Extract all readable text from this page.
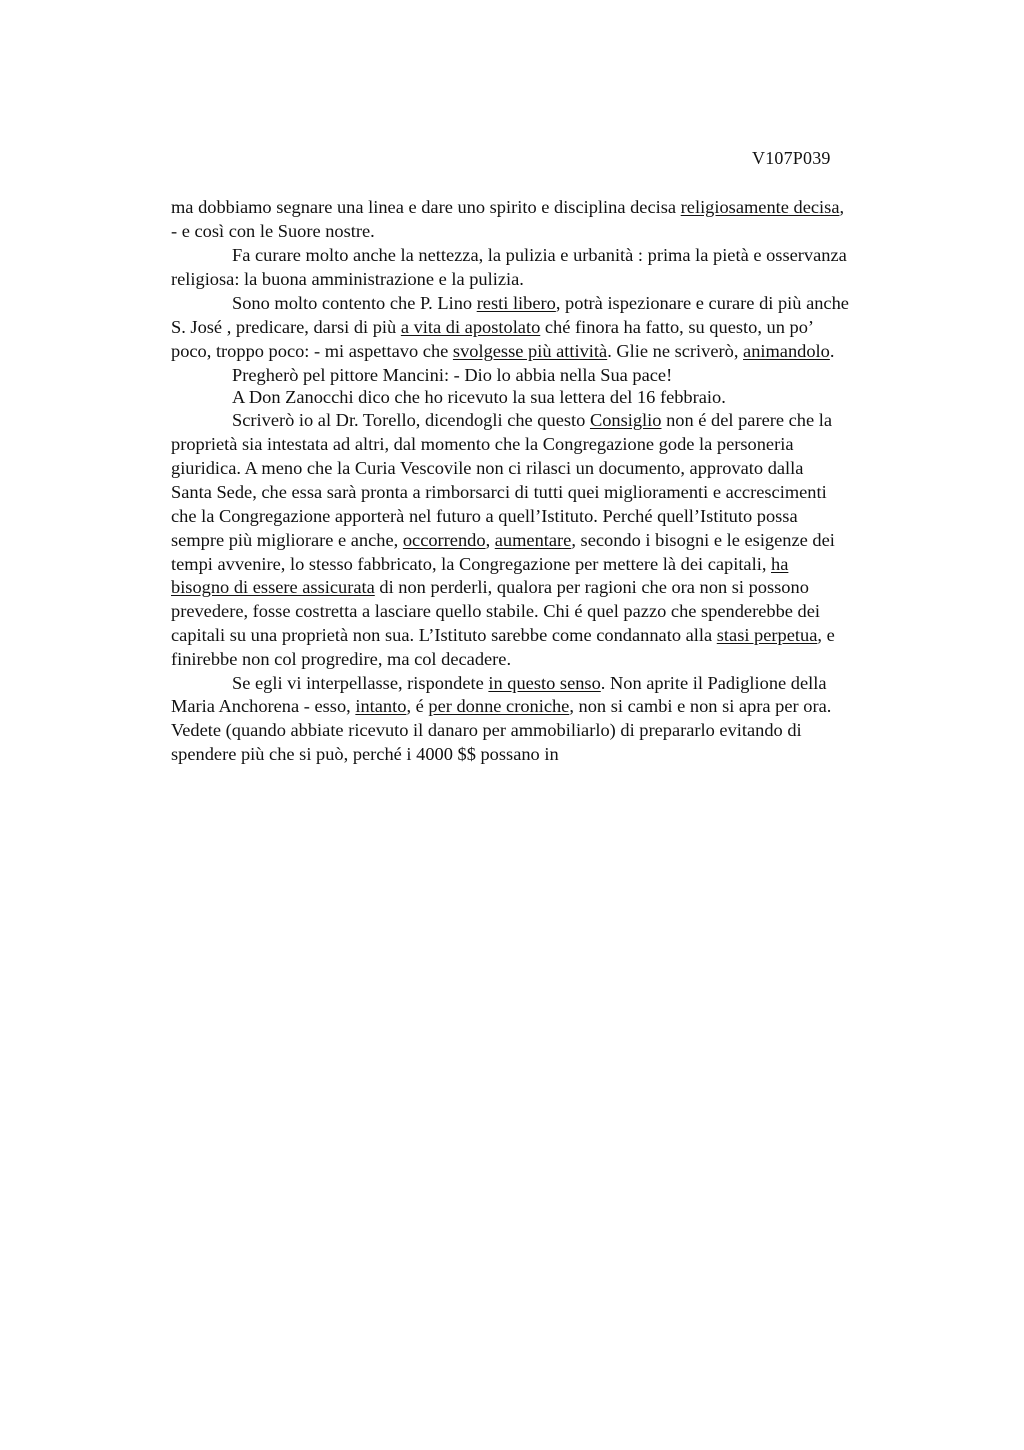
V107P039
ma dobbiamo segnare una linea e dare uno spirito e disciplina decisa religiosamente decisa,
- e così con le Suore nostre.
Fa curare molto anche la nettezza, la pulizia e urbanità : prima la pietà e osservanza
religiosa: la buona amministrazione e la pulizia.
Sono molto contento che P. Lino resti libero, potrà ispezionare e curare di più anche
S. José , predicare, darsi di più a vita di apostolato ché finora ha fatto, su questo, un po’
poco, troppo poco: - mi aspettavo che svolgesse più attività. Glie ne scriverò, animandolo.
Pregherò pel pittore Mancini: - Dio lo abbia nella Sua pace!
A Don Zanocchi dico che ho ricevuto la sua lettera del 16 febbraio.
Scriverò io al Dr. Torello, dicendogli che questo Consiglio non é del parere che la
proprietà sia intestata ad altri, dal momento che la Congregazione gode la personeria
giuridica. A meno che la Curia Vescovile non ci rilasci un documento, approvato dalla
Santa Sede, che essa sarà pronta a rimborsarci di tutti quei miglioramenti e accrescimenti
che la Congregazione apporterà nel futuro a quell’Istituto. Perché quell’Istituto possa
sempre più migliorare e anche, occorrendo, aumentare, secondo i bisogni e le esigenze dei
tempi avvenire, lo stesso fabbricato, la Congregazione per mettere là dei capitali, ha
bisogno di essere assicurata di non perderli, qualora per ragioni che ora non si possono
prevedere, fosse costretta a lasciare quello stabile. Chi é quel pazzo che spenderebbe dei
capitali su una proprietà non sua. L’Istituto sarebbe come condannato alla stasi perpetua, e
finirebbe non col progredire, ma col decadere.
Se egli vi interpellasse, rispondete in questo senso. Non aprite il Padiglione della
Maria Anchorena - esso, intanto, é per donne croniche, non si cambi e non si apra per ora.
Vedete (quando abbiate ricevuto il danaro per ammobiliarlo) di prepararlo evitando di
spendere più che si può, perché i 4000 $$ possano in
